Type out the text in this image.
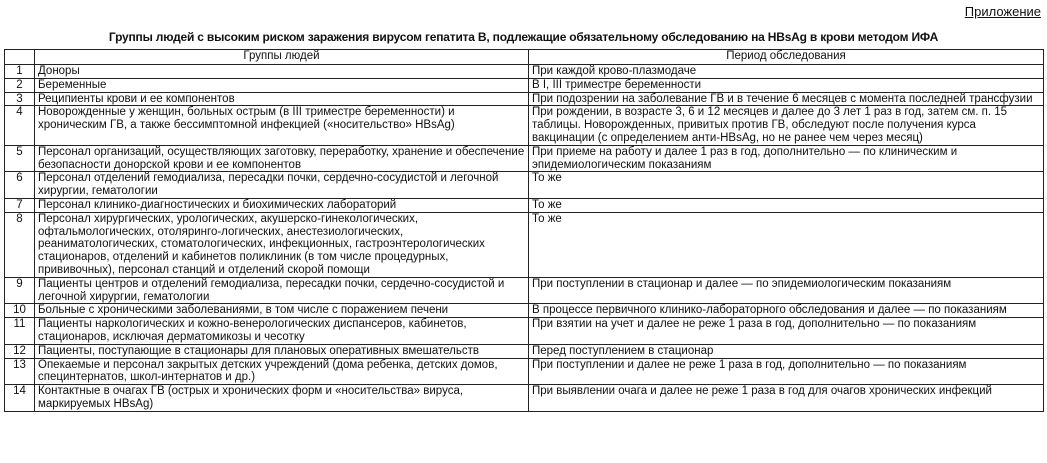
Приложение
Группы людей с высоким риском заражения вирусом гепатита В, подлежащие обязательному обследованию на HBsAg в крови методом ИФА
	Группы людей	Период обследования
1	Доноры	При каждой крово-плазмодаче
2	Беременные	В I, III триместре беременности
3	Реципиенты крови и ее компонентов	При подозрении на заболевание ГВ и в течение 6 месяцев с момента последней трансфузии
4	Новорожденные у женщин, больных острым (в III триместре беременности) и хроническим ГВ, а также бессимптомной инфекцией («носительство» HBsAg)	При рождении, в возрасте 3, 6 и 12 месяцев и далее до 3 лет 1 раз в год, затем см. п. 15 таблицы. Новорожденных, привитых против ГВ, обследуют после получения курса вакцинации (с определением анти-HBsAg, но не ранее чем через месяц)
5	Персонал организаций, осуществляющих заготовку, переработку, хранение и обеспечение безопасности донорской крови и ее компонентов	При приеме на работу и далее 1 раз в год, дополнительно — по клиническим и эпидемиологическим показаниям
6	Персонал отделений гемодиализа, пересадки почки, сердечно-сосудистой и легочной хирургии, гематологии	То же
7	Персонал клинико-диагностических и биохимических лабораторий	То же
8	Персонал хирургических, урологических, акушерско-гинекологических, офтальмологических, отоляринго-логических, анестезиологических, реаниматологических, стоматологических, инфекционных, гастроэнтерологических стационаров, отделений и кабинетов поликлиник (в том числе процедурных, прививочных), персонал станций и отделений скорой помощи	То же
9	Пациенты центров и отделений гемодиализа, пересадки почки, сердечно-сосудистой и легочной хирургии, гематологии	При поступлении в стационар и далее — по эпидемиологическим показаниям
10	Больные с хроническими заболеваниями, в том числе с поражением печени	В процессе первичного клинико-лабораторного обследования и далее — по показаниям
11	Пациенты наркологических и кожно-венерологических диспансеров, кабинетов, стационаров, исключая дерматомикозы и чесотку	При взятии на учет и далее не реже 1 раза в год, дополнительно — по показаниям
12	Пациенты, поступающие в стационары для плановых оперативных вмешательств	Перед поступлением в стационар
13	Опекаемые и персонал закрытых детских учреждений (дома ребенка, детских домов, специнтернатов, школ-интернатов и др.)	При поступлении и далее не реже 1 раза в год, дополнительно — по показаниям
14	Контактные в очагах ГВ (острых и хронических форм и «носительства» вируса, маркируемых HBsAg)	При выявлении очага и далее не реже 1 раза в год для очагов хронических инфекций
